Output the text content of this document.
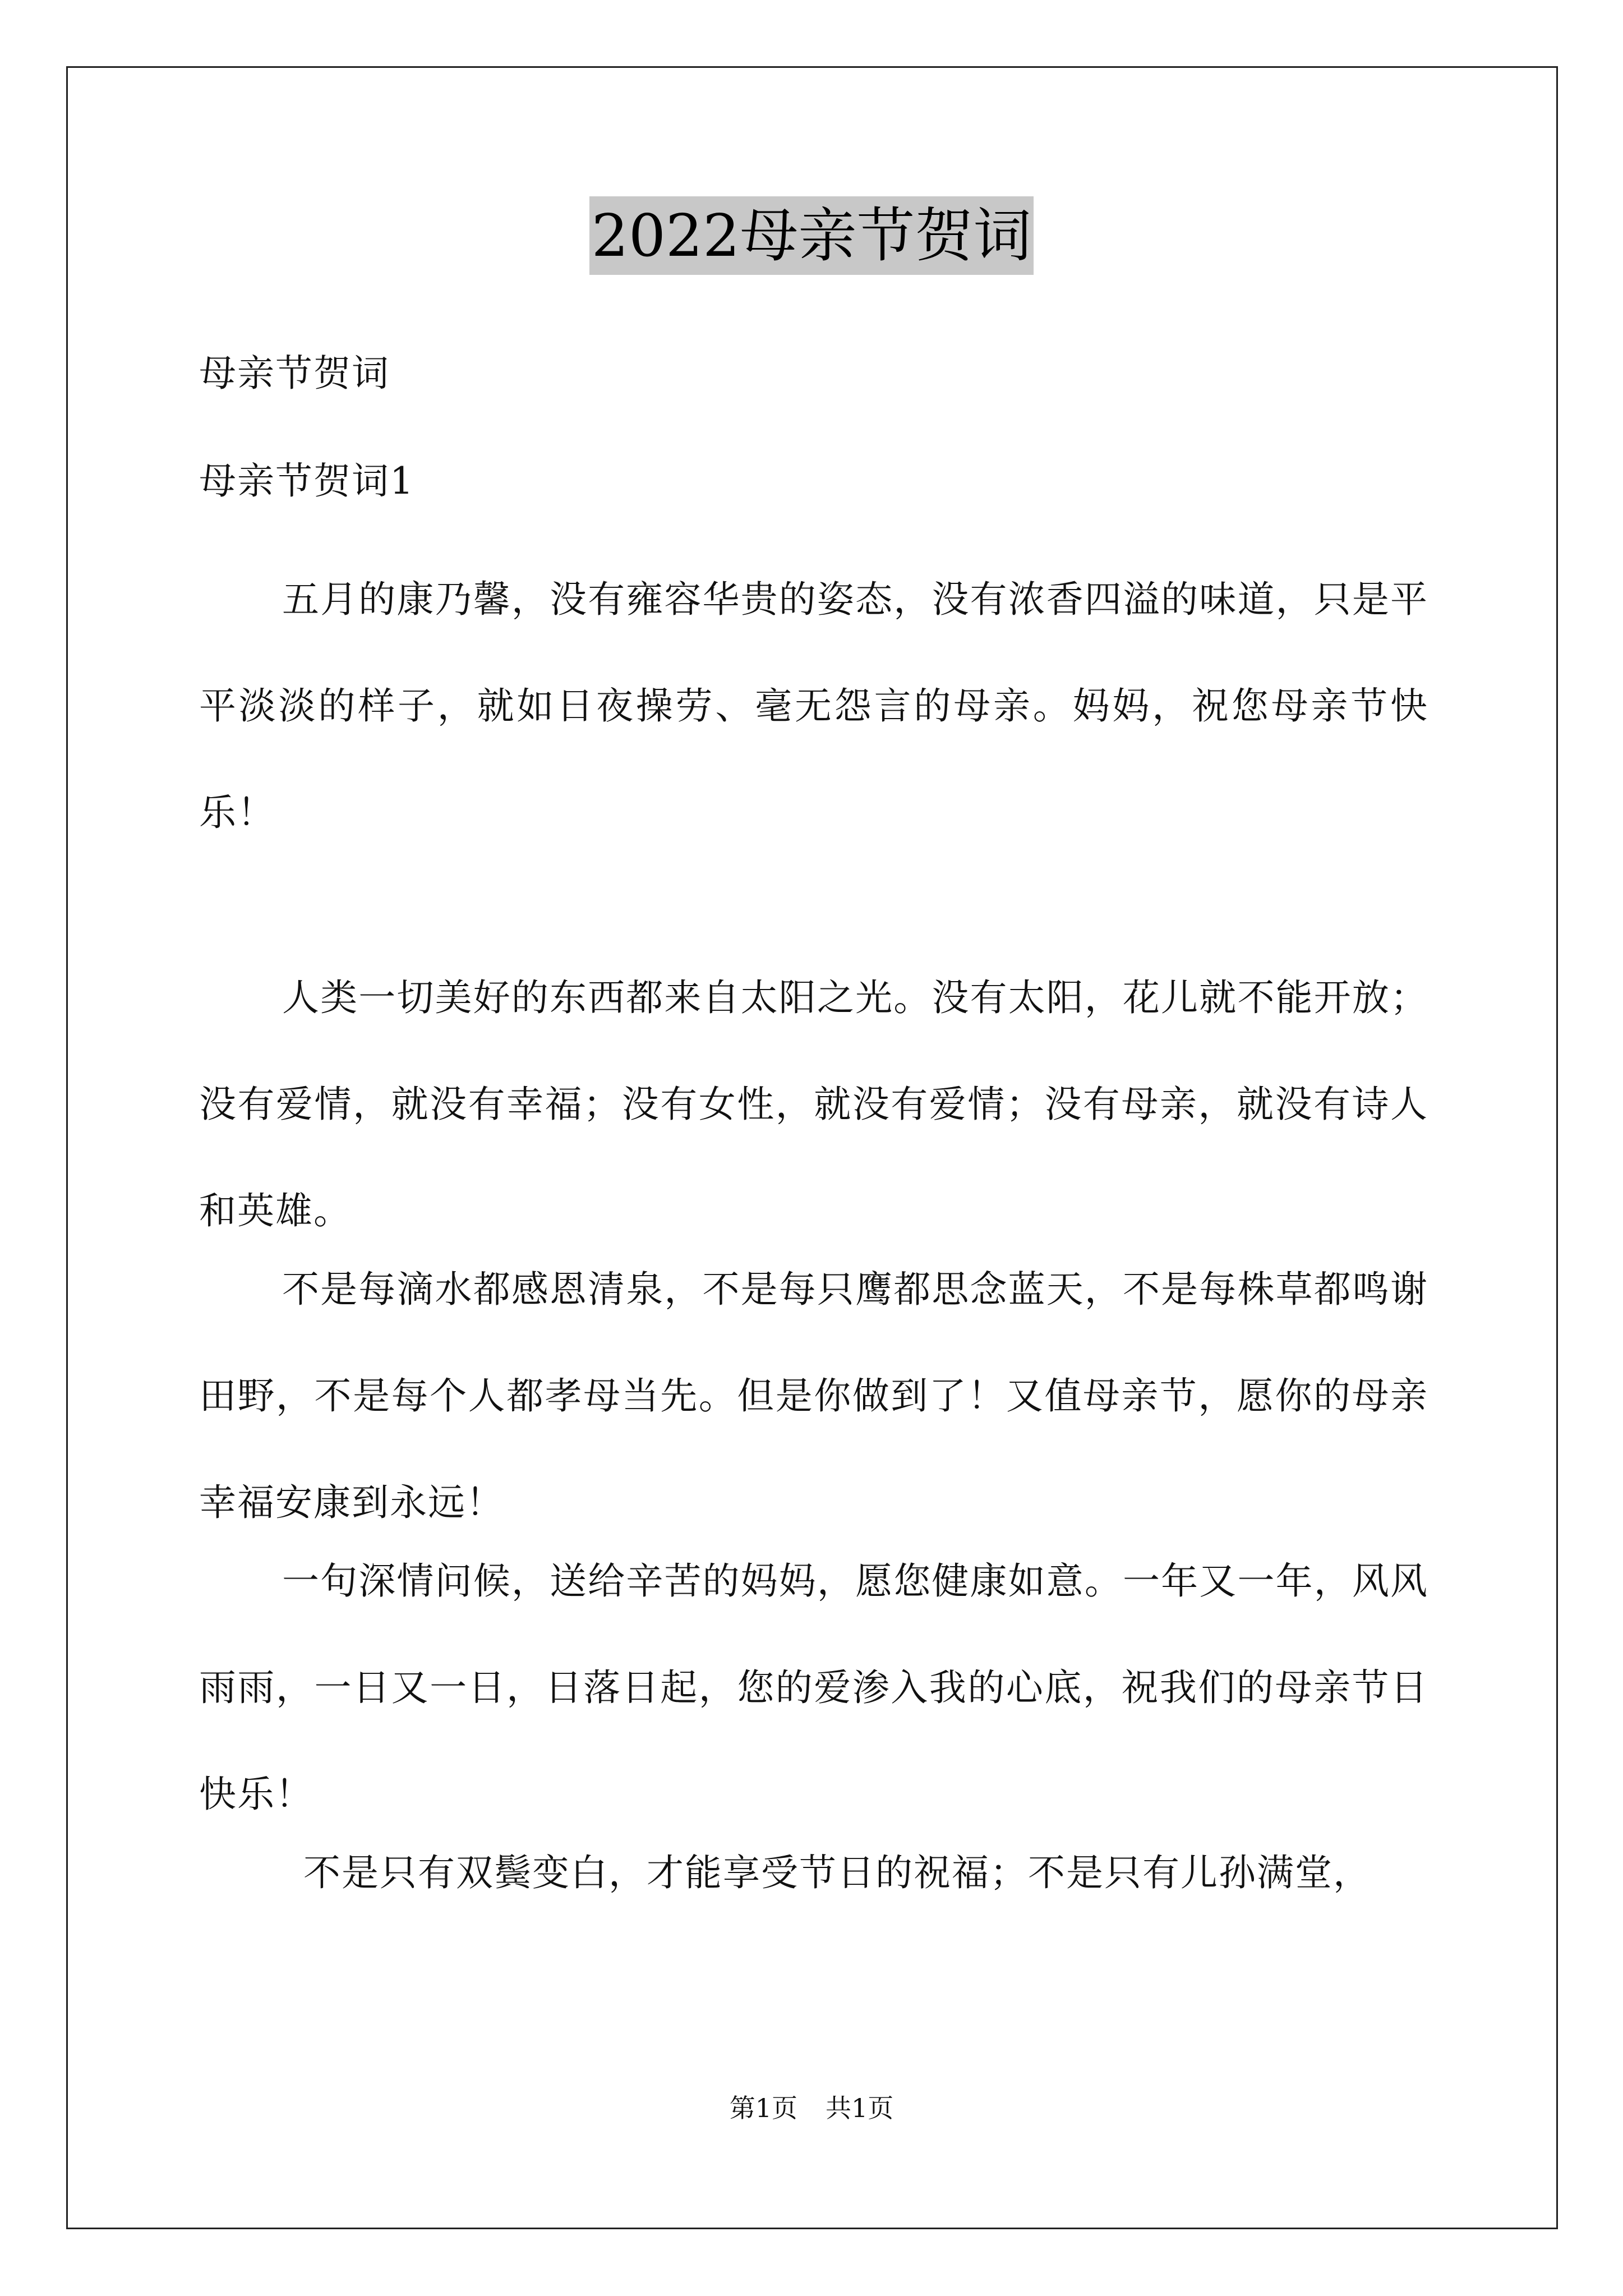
2022母亲节贺词
母亲节贺词
母亲节贺词1

五月的康乃馨，没有雍容华贵的姿态，没有浓香四溢的味道，只是平平淡淡的样子，就如日夜操劳、毫无怨言的母亲。妈妈，祝您母亲节快乐！

人类一切美好的东西都来自太阳之光。没有太阳，花儿就不能开放；没有爱情，就没有幸福；没有女性，就没有爱情；没有母亲，就没有诗人和英雄。

不是每滴水都感恩清泉，不是每只鹰都思念蓝天，不是每株草都鸣谢田野，不是每个人都孝母当先。但是你做到了！又值母亲节，愿你的母亲幸福安康到永远！

一句深情问候，送给辛苦的妈妈，愿您健康如意。一年又一年，风风雨雨，一日又一日，日落日起，您的爱渗入我的心底，祝我们的母亲节日快乐！

不是只有双鬓变白，才能享受节日的祝福；不是只有儿孙满堂，

第1页 共1页
